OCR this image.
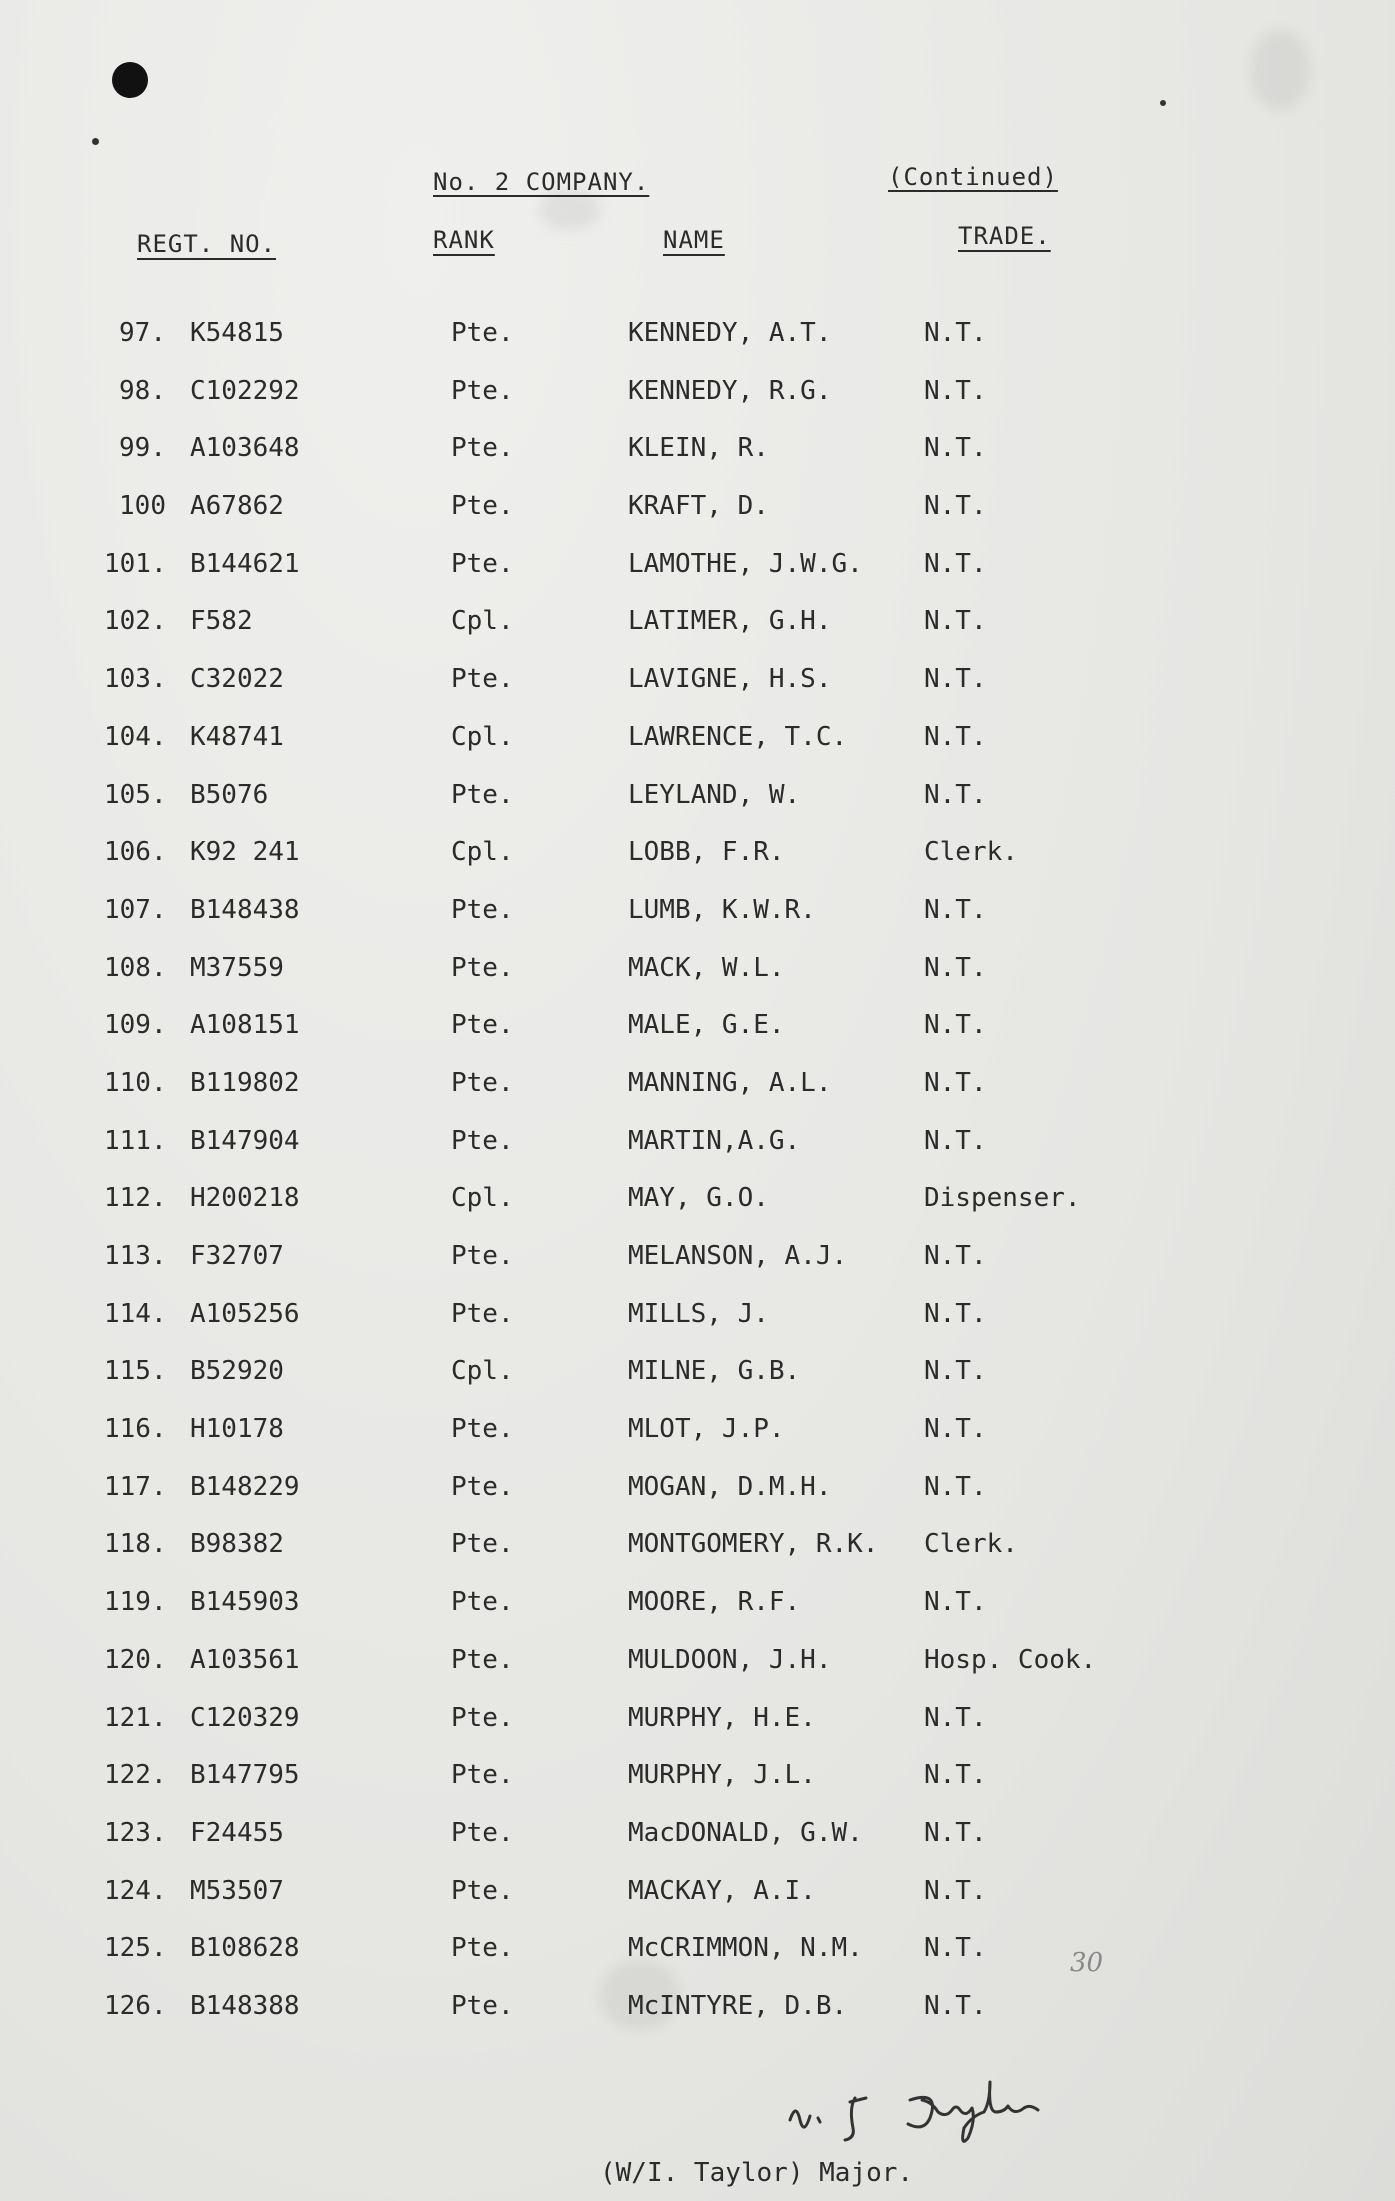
No. 2 COMPANY.	(Continued)
REGT. NO.	RANK	NAME	TRADE.
97. K54815	Pte.	KENNEDY, A.T.	N.T.
98. C102292	Pte.	KENNEDY, R.G.	N.T.
99. A103648	Pte.	KLEIN, R.	N.T.
100 A67862	Pte.	KRAFT, D.	N.T.
101. B144621	Pte.	LAMOTHE, J.W.G. N.T.
102. F582	Cpl.	LATIMER, G.H.	N.T.
103. C32022	Pte.	LAVIGNE, H.S.	N.T.
104. K48741	Cpl.	LAWRENCE, T.C.	N.T.
105. B5076	Pte.	LEYLAND, W.	N.T.
106. K92 241	Cpl.	LOBB, F.R.	Clerk.
107. B148438	Pte.	LUMB, K.W.R.	N.T.
108. M37559	Pte.	MACK, W.L.	N.T.
109. A108151	Pte.	MALE, G.E.	N.T.
110. B119802	Pte.	MANNING, A.L.	N.T.
111. B147904	Pte.	MARTIN,A.G.	N.T.
112. H200218	Cpl.	MAY, G.O.	Dispenser.
113. F32707	Pte.	MELANSON, A.J.	N.T.
114. A105256	Pte.	MILLS, J.	N.T.
115. B52920	Cpl.	MILNE, G.B.	N.T.
116. H10178	Pte.	MLOT, J.P.	N.T.
117. B148229	Pte.	MOGAN, D.M.H.	N.T.
118. B98382	Pte.	MONTGOMERY, R.K. Clerk.
119. B145903	Pte.	MOORE, R.F.	N.T.
120. A103561	Pte.	MULDOON, J.H.	Hosp. Cook.
121. C120329	Pte.	MURPHY, H.E.	N.T.
122. B147795	Pte.	MURPHY, J.L.	N.T.
123. F24455	Pte.	MacDONALD, G.W. N.T.
124. M53507	Pte.	MACKAY, A.I.	N.T.
125. B108628	Pte.	McCRIMMON, N.M. N.T.
126. B148388	Pte.	McINTYRE, D.B.	N.T.
30
(W/I. Taylor) Major.
